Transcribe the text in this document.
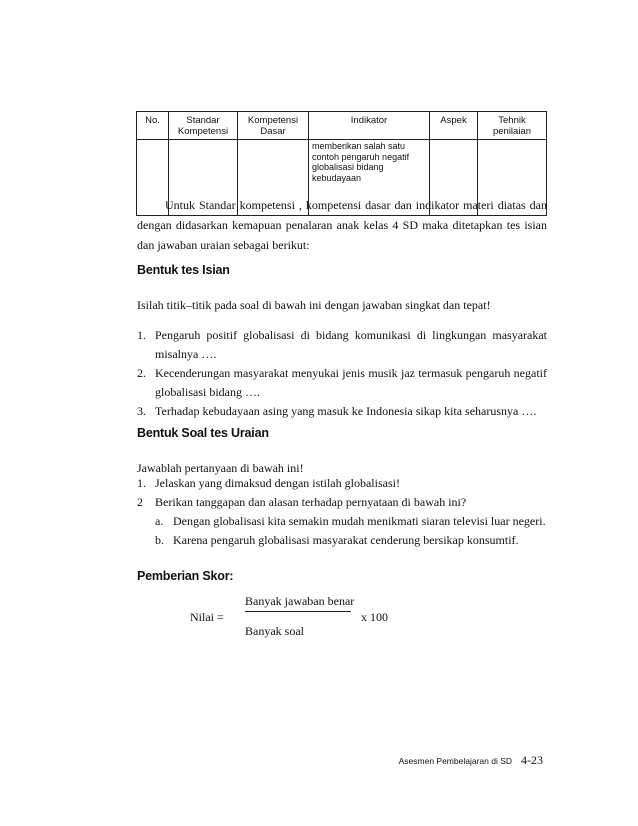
No.	Standar Kompetensi	Kompetensi Dasar	Indikator	Aspek	Tehnik penilaian
			memberikan salah satu contoh pengaruh negatif globalisasi bidang kebudayaan		

Untuk Standar kompetensi , kompetensi dasar dan indikator materi diatas dan dengan didasarkan kemapuan penalaran anak kelas 4 SD maka ditetapkan tes isian dan jawaban uraian sebagai berikut:

Bentuk tes Isian

Isilah titik–titik pada soal di bawah ini dengan jawaban singkat dan tepat!

1. Pengaruh positif globalisasi di bidang komunikasi di lingkungan masyarakat misalnya ….
2. Kecenderungan masyarakat menyukai jenis musik jaz termasuk pengaruh negatif globalisasi bidang ….
3. Terhadap kebudayaan asing yang masuk ke Indonesia sikap kita seharusnya ….
Bentuk Soal tes Uraian

Jawablah pertanyaan di bawah ini!

1. Jelaskan yang dimaksud dengan istilah globalisasi!
2 Berikan tanggapan dan alasan terhadap pernyataan di bawah ini?
a. Dengan globalisasi kita semakin mudah menikmati siaran televisi luar negeri.
b. Karena pengaruh globalisasi masyarakat cenderung bersikap konsumtif.
Pemberian Skor:
Banyak jawaban benar
Nilai =	x 100
Banyak soal
Asesmen Pembelajaran di SD 4-23
